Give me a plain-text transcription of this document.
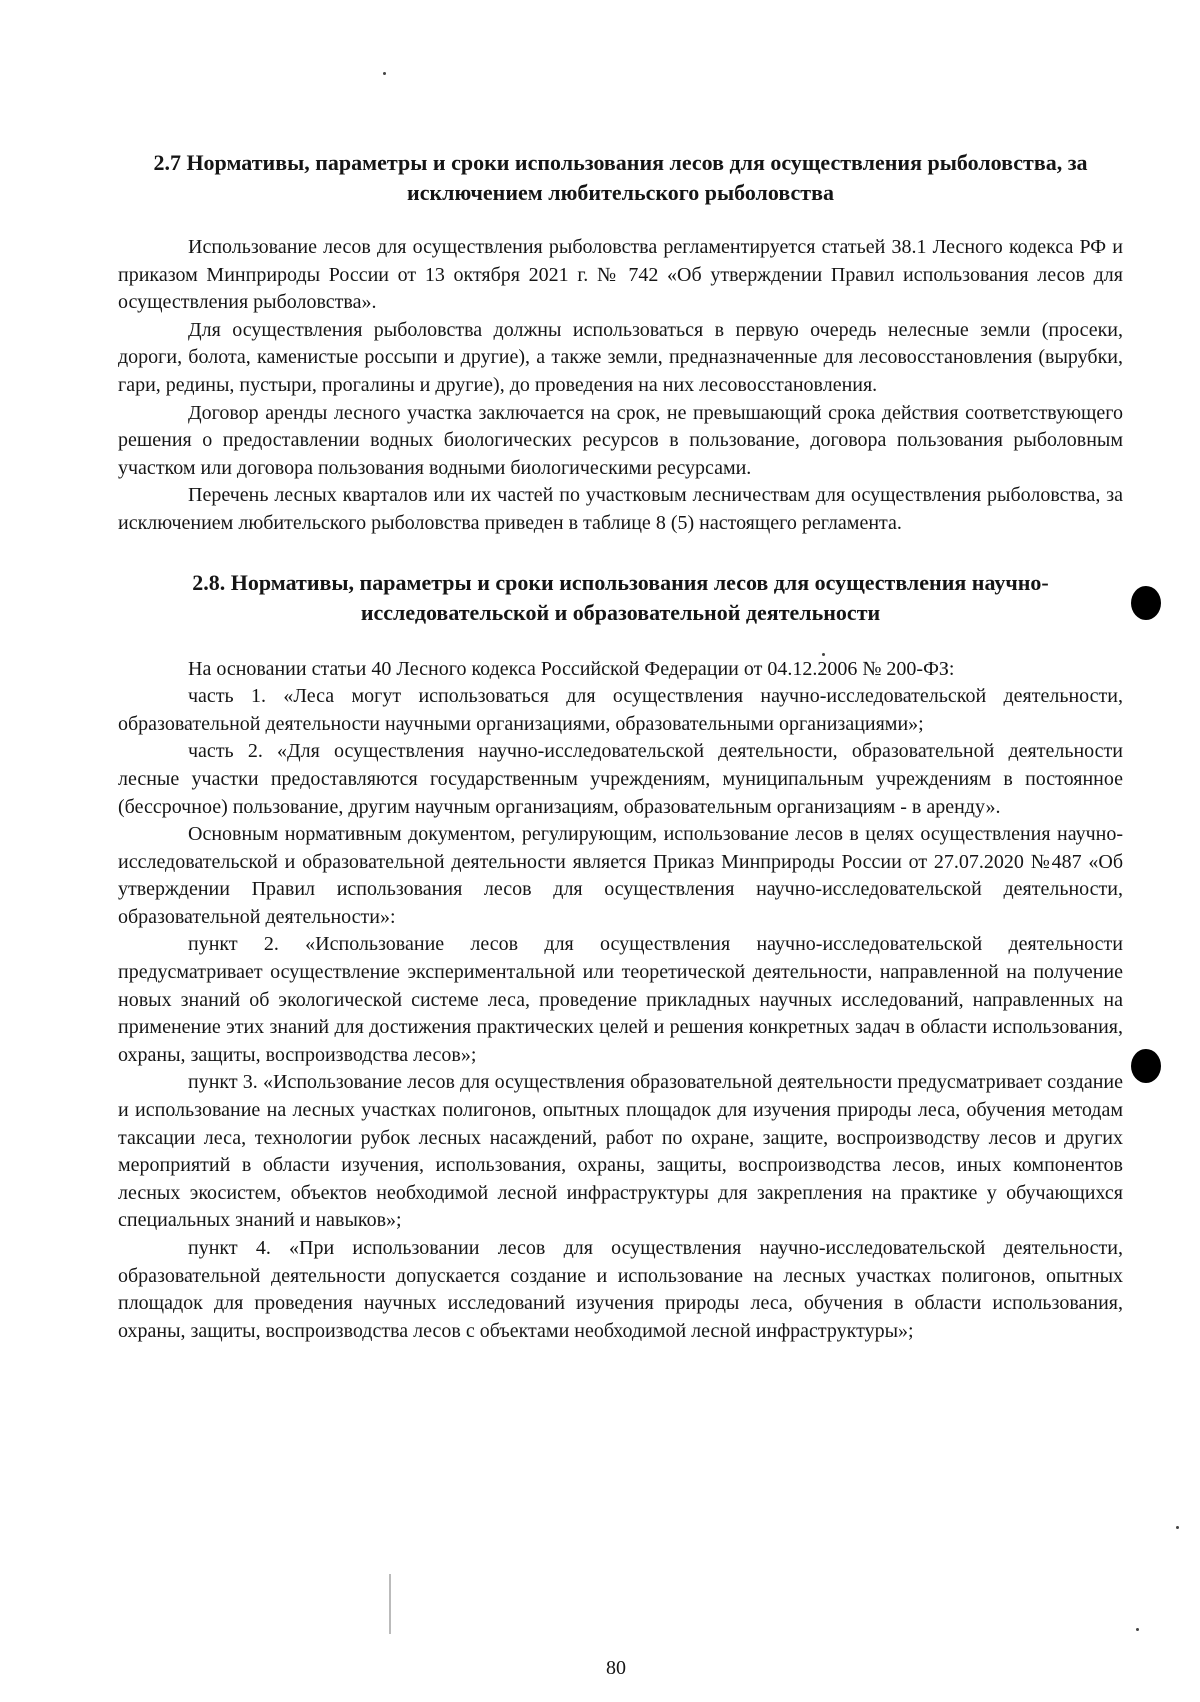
2.7 Нормативы, параметры и сроки использования лесов для осуществления рыболовства, за исключением любительского рыболовства

Использование лесов для осуществления рыболовства регламентируется статьей 38.1 Лесного кодекса РФ и приказом Минприроды России от 13 октября 2021 г. № 742 «Об утверждении Правил использования лесов для осуществления рыболовства».

Для осуществления рыболовства должны использоваться в первую очередь нелесные земли (просеки, дороги, болота, каменистые россыпи и другие), а также земли, предназначенные для лесовосстановления (вырубки, гари, редины, пустыри, прогалины и другие), до проведения на них лесовосстановления.

Договор аренды лесного участка заключается на срок, не превышающий срока действия соответствующего решения о предоставлении водных биологических ресурсов в пользование, договора пользования рыболовным участком или договора пользования водными биологическими ресурсами.

Перечень лесных кварталов или их частей по участковым лесничествам для осуществления рыболовства, за исключением любительского рыболовства приведен в таблице 8 (5) настоящего регламента.

2.8. Нормативы, параметры и сроки использования лесов для осуществления научно-исследовательской и образовательной деятельности

На основании статьи 40 Лесного кодекса Российской Федерации от 04.12.2006 № 200-ФЗ:

часть 1. «Леса могут использоваться для осуществления научно-исследовательской деятельности, образовательной деятельности научными организациями, образовательными организациями»;

часть 2. «Для осуществления научно-исследовательской деятельности, образовательной деятельности лесные участки предоставляются государственным учреждениям, муниципальным учреждениям в постоянное (бессрочное) пользование, другим научным организациям, образовательным организациям - в аренду».

Основным нормативным документом, регулирующим, использование лесов в целях осуществления научно-исследовательской и образовательной деятельности является Приказ Минприроды России от 27.07.2020 №487 «Об утверждении Правил использования лесов для осуществления научно-исследовательской деятельности, образовательной деятельности»:

пункт 2. «Использование лесов для осуществления научно-исследовательской деятельности предусматривает осуществление экспериментальной или теоретической деятельности, направленной на получение новых знаний об экологической системе леса, проведение прикладных научных исследований, направленных на применение этих знаний для достижения практических целей и решения конкретных задач в области использования, охраны, защиты, воспроизводства лесов»;

пункт 3. «Использование лесов для осуществления образовательной деятельности предусматривает создание и использование на лесных участках полигонов, опытных площадок для изучения природы леса, обучения методам таксации леса, технологии рубок лесных насаждений, работ по охране, защите, воспроизводству лесов и других мероприятий в области изучения, использования, охраны, защиты, воспроизводства лесов, иных компонентов лесных экосистем, объектов необходимой лесной инфраструктуры для закрепления на практике у обучающихся специальных знаний и навыков»;

пункт 4. «При использовании лесов для осуществления научно-исследовательской деятельности, образовательной деятельности допускается создание и использование на лесных участках полигонов, опытных площадок для проведения научных исследований изучения природы леса, обучения в области использования, охраны, защиты, воспроизводства лесов с объектами необходимой лесной инфраструктуры»;

80
